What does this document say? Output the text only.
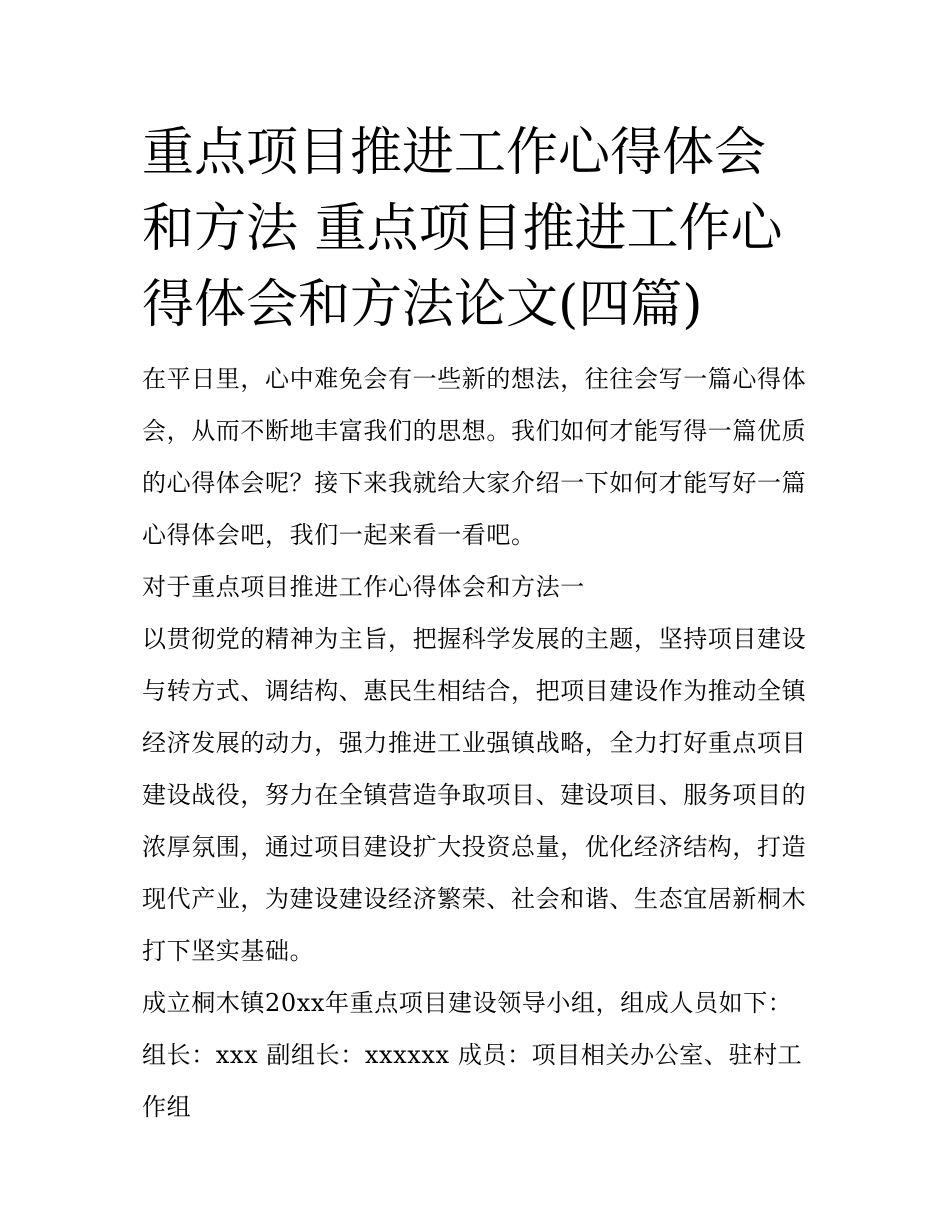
重点项目推进工作心得体会和方法 重点项目推进工作心得体会和方法论文(四篇)

在平日里，心中难免会有一些新的想法，往往会写一篇心得体会，从而不断地丰富我们的思想。我们如何才能写得一篇优质的心得体会呢？接下来我就给大家介绍一下如何才能写好一篇心得体会吧，我们一起来看一看吧。

对于重点项目推进工作心得体会和方法一

以贯彻党的精神为主旨，把握科学发展的主题，坚持项目建设与转方式、调结构、惠民生相结合，把项目建设作为推动全镇经济发展的动力，强力推进工业强镇战略，全力打好重点项目建设战役，努力在全镇营造争取项目、建设项目、服务项目的浓厚氛围，通过项目建设扩大投资总量，优化经济结构，打造现代产业，为建设建设经济繁荣、社会和谐、生态宜居新桐木打下坚实基础。

成立桐木镇20xx年重点项目建设领导小组，组成人员如下：

组长：xxx 副组长：xxxxxx 成员：项目相关办公室、驻村工作组
